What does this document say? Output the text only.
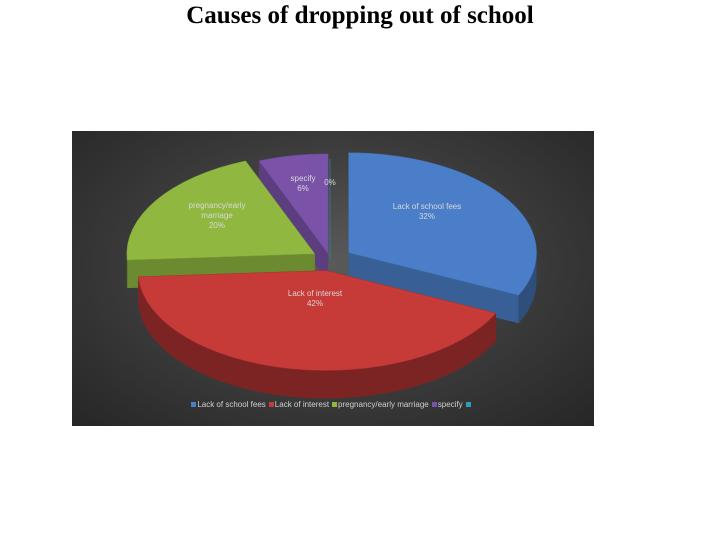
Causes of dropping out of school
Lack of school fees 32%
Lack of interest 42%
pregnancy/early marriage 20%
specify 6%
0%
Lack of school fees Lack of interest pregnancy/early marriage specify
